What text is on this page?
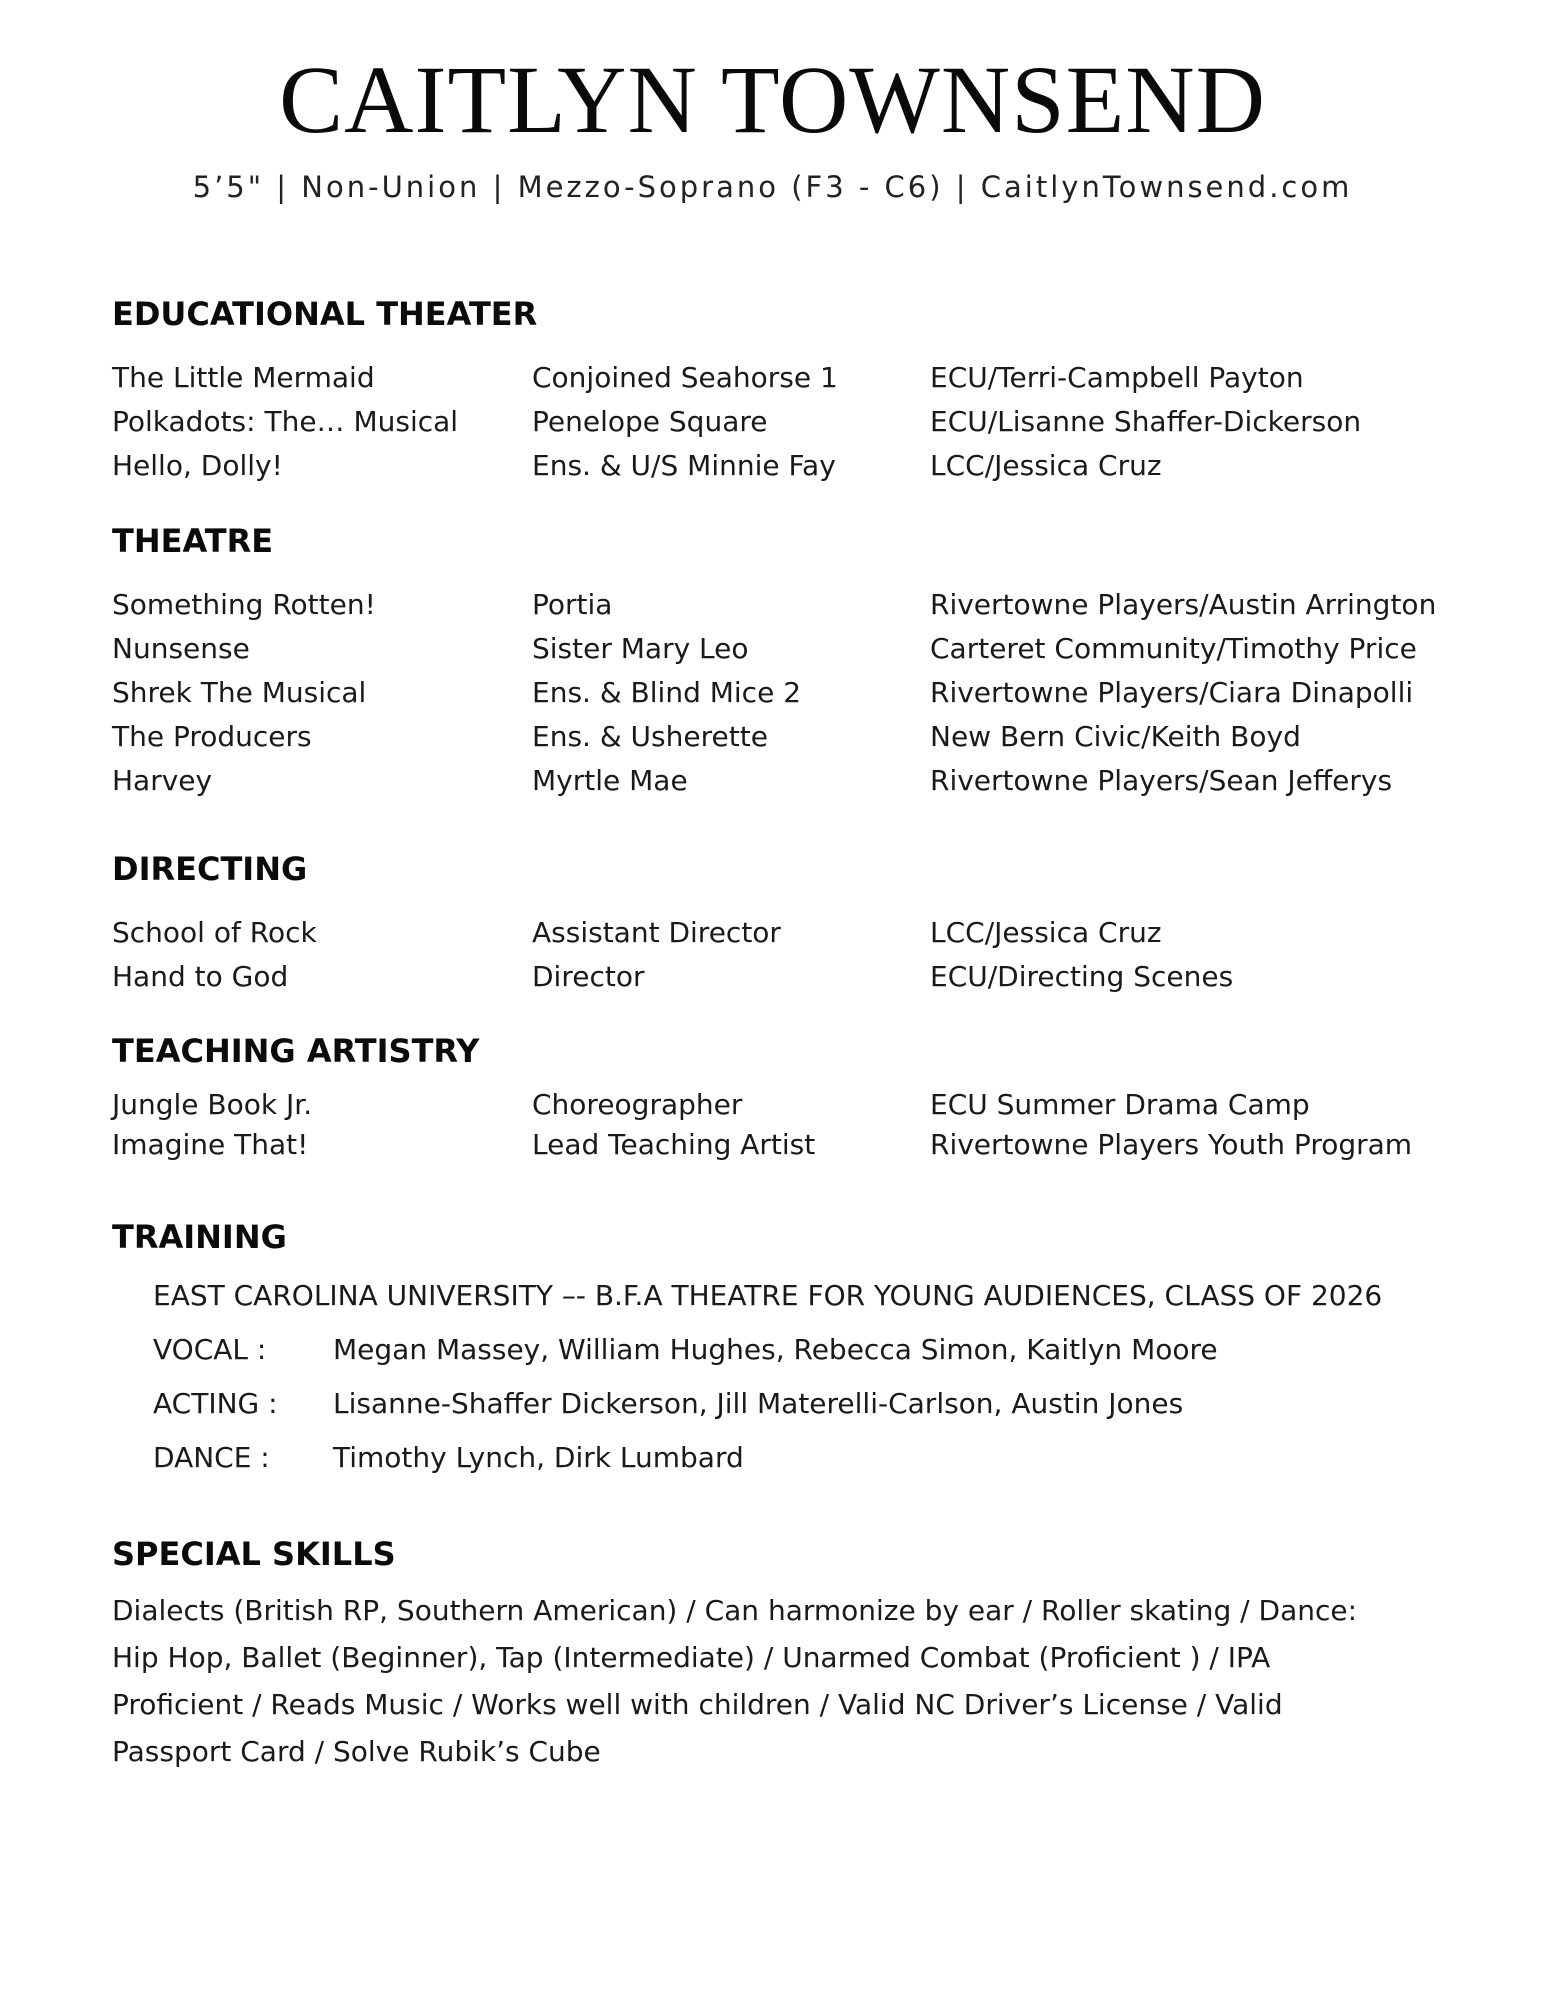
CAITLYN TOWNSEND
5’5" | Non-Union | Mezzo-Soprano (F3 - C6) | CaitlynTownsend.com
EDUCATIONAL THEATER
The Little Mermaid	Conjoined Seahorse 1	ECU/Terri-Campbell Payton
Polkadots: The… Musical	Penelope Square	ECU/Lisanne Shaffer-Dickerson
Hello, Dolly!	Ens. & U/S Minnie Fay	LCC/Jessica Cruz
THEATRE
Something Rotten!	Portia	Rivertowne Players/Austin Arrington
Nunsense	Sister Mary Leo	Carteret Community/Timothy Price
Shrek The Musical	Ens. & Blind Mice 2	Rivertowne Players/Ciara Dinapolli
The Producers	Ens. & Usherette	New Bern Civic/Keith Boyd
Harvey	Myrtle Mae	Rivertowne Players/Sean Jefferys
DIRECTING
School of Rock	Assistant Director	LCC/Jessica Cruz
Hand to God	Director	ECU/Directing Scenes
TEACHING ARTISTRY
Jungle Book Jr.	Choreographer	ECU Summer Drama Camp
Imagine That!	Lead Teaching Artist	Rivertowne Players Youth Program
TRAINING
EAST CAROLINA UNIVERSITY –- B.F.A THEATRE FOR YOUNG AUDIENCES, CLASS OF 2026
VOCAL :	Megan Massey, William Hughes, Rebecca Simon, Kaitlyn Moore
ACTING :	Lisanne-Shaffer Dickerson, Jill Materelli-Carlson, Austin Jones
DANCE :	Timothy Lynch, Dirk Lumbard
SPECIAL SKILLS
Dialects (British RP, Southern American) / Can harmonize by ear / Roller skating / Dance: Hip Hop, Ballet (Beginner), Tap (Intermediate) / Unarmed Combat (Proficient ) / IPA Proficient / Reads Music / Works well with children / Valid NC Driver’s License / Valid Passport Card / Solve Rubik’s Cube
